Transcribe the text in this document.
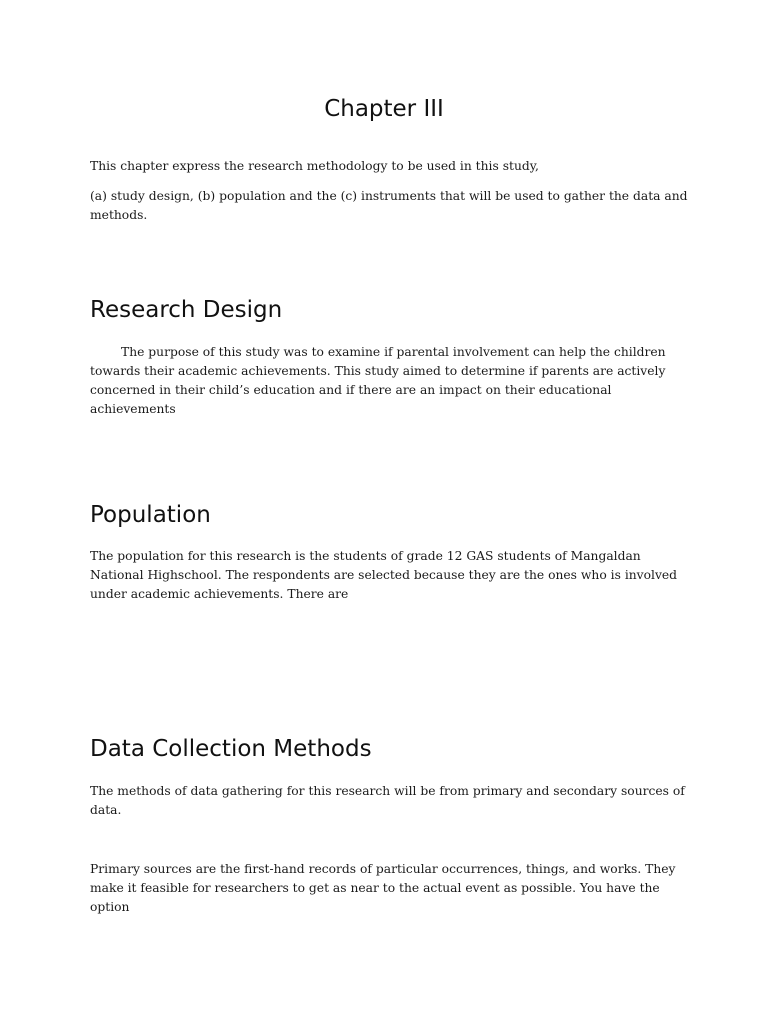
Chapter III

This chapter express the research methodology to be used in this study,

(a) study design, (b) population and the (c) instruments that will be used to gather the data and methods.

Research Design

The purpose of this study was to examine if parental involvement can help the children towards their academic achievements. This study aimed to determine if parents are actively concerned in their child’s education and if there are an impact on their educational achievements

Population

The population for this research is the students of grade 12 GAS students of Mangaldan National Highschool. The respondents are selected because they are the ones who is involved under academic achievements. There are

Data Collection Methods

The methods of data gathering for this research will be from primary and secondary sources of data.

Primary sources are the first-hand records of particular occurrences, things, and works. They make it feasible for researchers to get as near to the actual event as possible. You have the option
